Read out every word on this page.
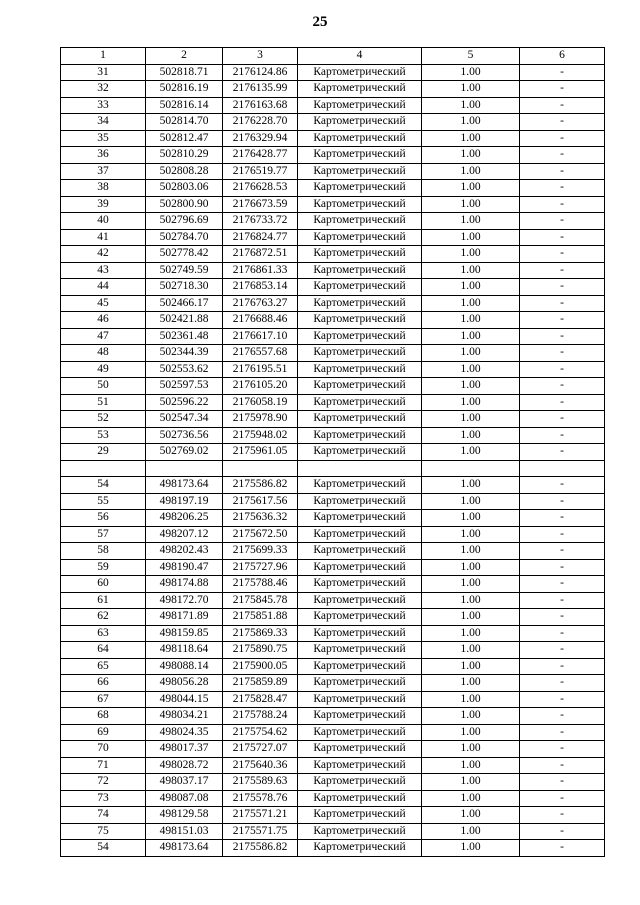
25
1	2	3	4	5	6
31	502818.71	2176124.86	Картометрический	1.00	-
32	502816.19	2176135.99	Картометрический	1.00	-
33	502816.14	2176163.68	Картометрический	1.00	-
34	502814.70	2176228.70	Картометрический	1.00	-
35	502812.47	2176329.94	Картометрический	1.00	-
36	502810.29	2176428.77	Картометрический	1.00	-
37	502808.28	2176519.77	Картометрический	1.00	-
38	502803.06	2176628.53	Картометрический	1.00	-
39	502800.90	2176673.59	Картометрический	1.00	-
40	502796.69	2176733.72	Картометрический	1.00	-
41	502784.70	2176824.77	Картометрический	1.00	-
42	502778.42	2176872.51	Картометрический	1.00	-
43	502749.59	2176861.33	Картометрический	1.00	-
44	502718.30	2176853.14	Картометрический	1.00	-
45	502466.17	2176763.27	Картометрический	1.00	-
46	502421.88	2176688.46	Картометрический	1.00	-
47	502361.48	2176617.10	Картометрический	1.00	-
48	502344.39	2176557.68	Картометрический	1.00	-
49	502553.62	2176195.51	Картометрический	1.00	-
50	502597.53	2176105.20	Картометрический	1.00	-
51	502596.22	2176058.19	Картометрический	1.00	-
52	502547.34	2175978.90	Картометрический	1.00	-
53	502736.56	2175948.02	Картометрический	1.00	-
29	502769.02	2175961.05	Картометрический	1.00	-

54	498173.64	2175586.82	Картометрический	1.00	-
55	498197.19	2175617.56	Картометрический	1.00	-
56	498206.25	2175636.32	Картометрический	1.00	-
57	498207.12	2175672.50	Картометрический	1.00	-
58	498202.43	2175699.33	Картометрический	1.00	-
59	498190.47	2175727.96	Картометрический	1.00	-
60	498174.88	2175788.46	Картометрический	1.00	-
61	498172.70	2175845.78	Картометрический	1.00	-
62	498171.89	2175851.88	Картометрический	1.00	-
63	498159.85	2175869.33	Картометрический	1.00	-
64	498118.64	2175890.75	Картометрический	1.00	-
65	498088.14	2175900.05	Картометрический	1.00	-
66	498056.28	2175859.89	Картометрический	1.00	-
67	498044.15	2175828.47	Картометрический	1.00	-
68	498034.21	2175788.24	Картометрический	1.00	-
69	498024.35	2175754.62	Картометрический	1.00	-
70	498017.37	2175727.07	Картометрический	1.00	-
71	498028.72	2175640.36	Картометрический	1.00	-
72	498037.17	2175589.63	Картометрический	1.00	-
73	498087.08	2175578.76	Картометрический	1.00	-
74	498129.58	2175571.21	Картометрический	1.00	-
75	498151.03	2175571.75	Картометрический	1.00	-
54	498173.64	2175586.82	Картометрический	1.00	-
